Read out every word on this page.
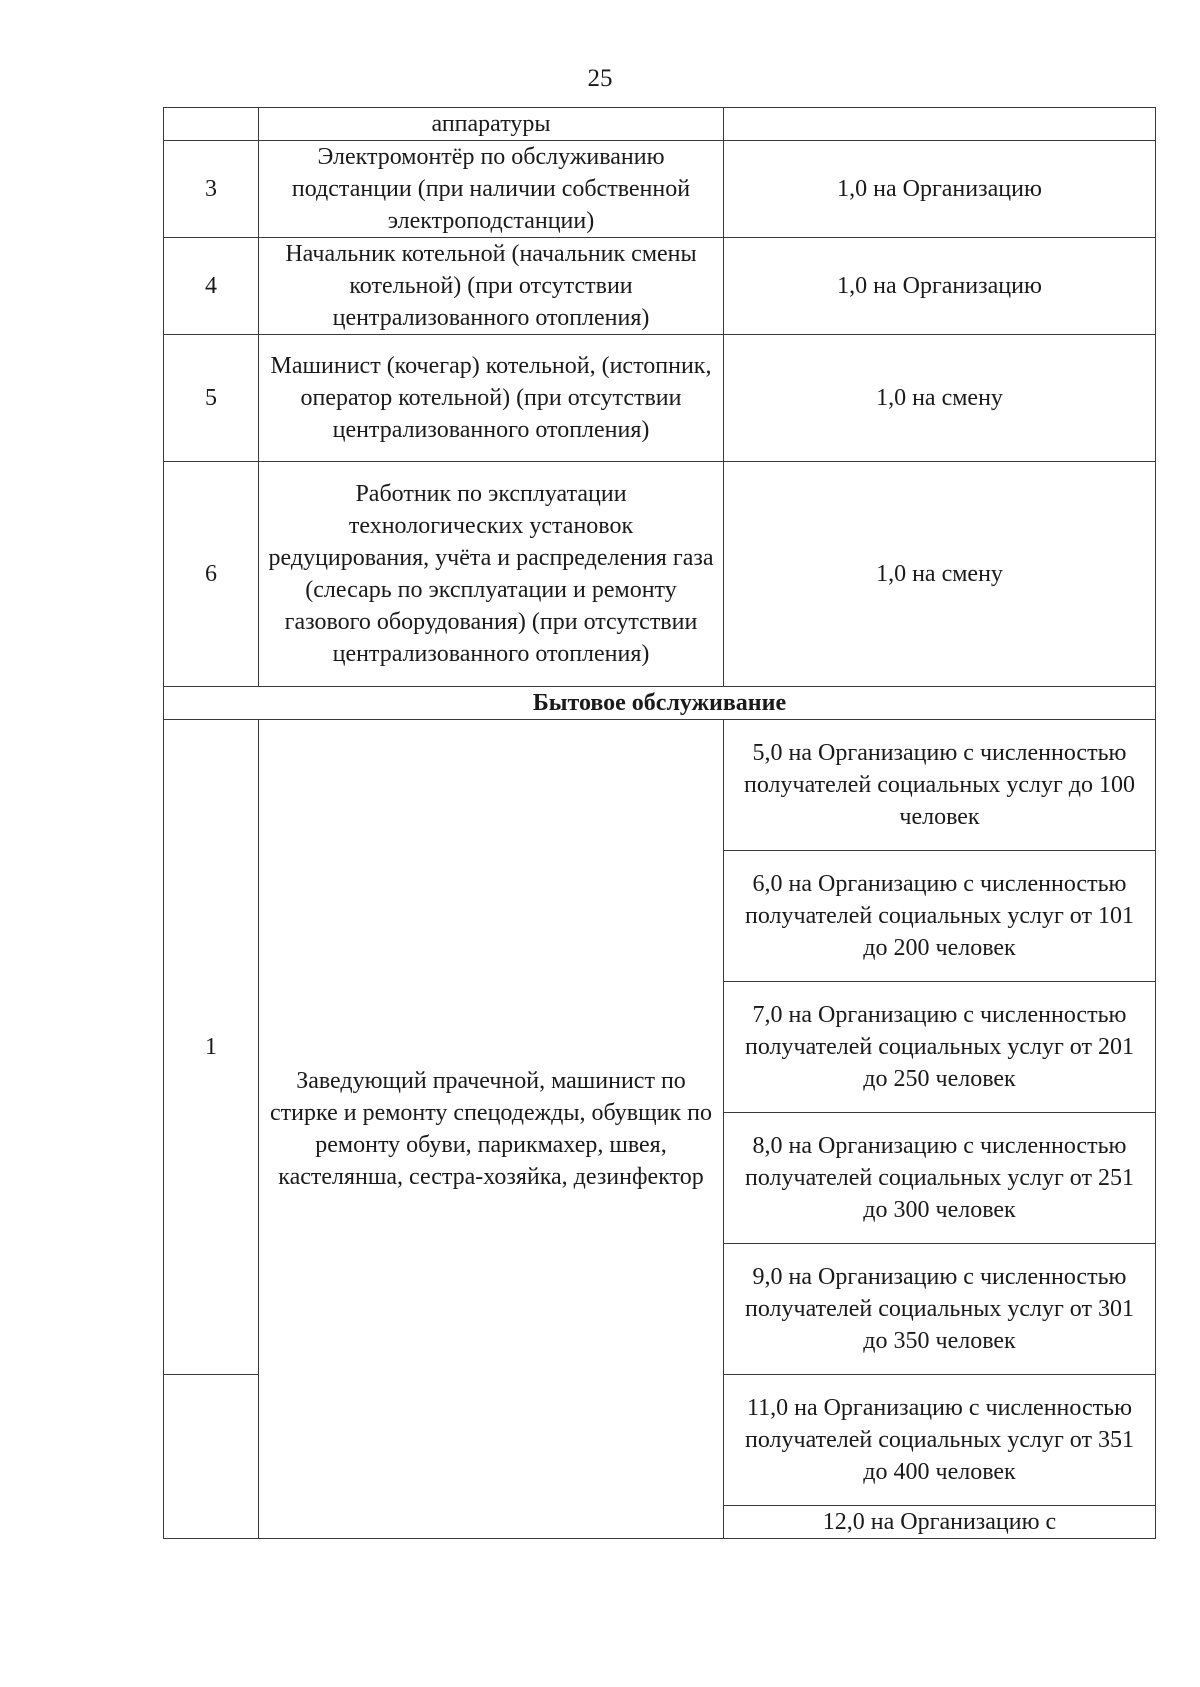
25
	аппаратуры	
3	Электромонтёр по обслуживанию подстанции (при наличии собственной электроподстанции)	1,0 на Организацию
4	Начальник котельной (начальник смены котельной) (при отсутствии централизованного отопления)	1,0 на Организацию
5	Машинист (кочегар) котельной, (истопник, оператор котельной) (при отсутствии централизованного отопления)	1,0 на смену
6	Работник по эксплуатации технологических установок редуцирования, учёта и распределения газа (слесарь по эксплуатации и ремонту газового оборудования) (при отсутствии централизованного отопления)	1,0 на смену
Бытовое обслуживание		
1	Заведующий прачечной, машинист по стирке и ремонту спецодежды, обувщик по ремонту обуви, парикмахер, швея, кастелянша, сестра-хозяйка, дезинфектор	5,0 на Организацию с численностью получателей социальных услуг до 100 человек
		6,0 на Организацию с численностью получателей социальных услуг от 101 до 200 человек
		7,0 на Организацию с численностью получателей социальных услуг от 201 до 250 человек
		8,0 на Организацию с численностью получателей социальных услуг от 251 до 300 человек
		9,0 на Организацию с численностью получателей социальных услуг от 301 до 350 человек
		11,0 на Организацию с численностью получателей социальных услуг от 351 до 400 человек
		12,0 на Организацию с
